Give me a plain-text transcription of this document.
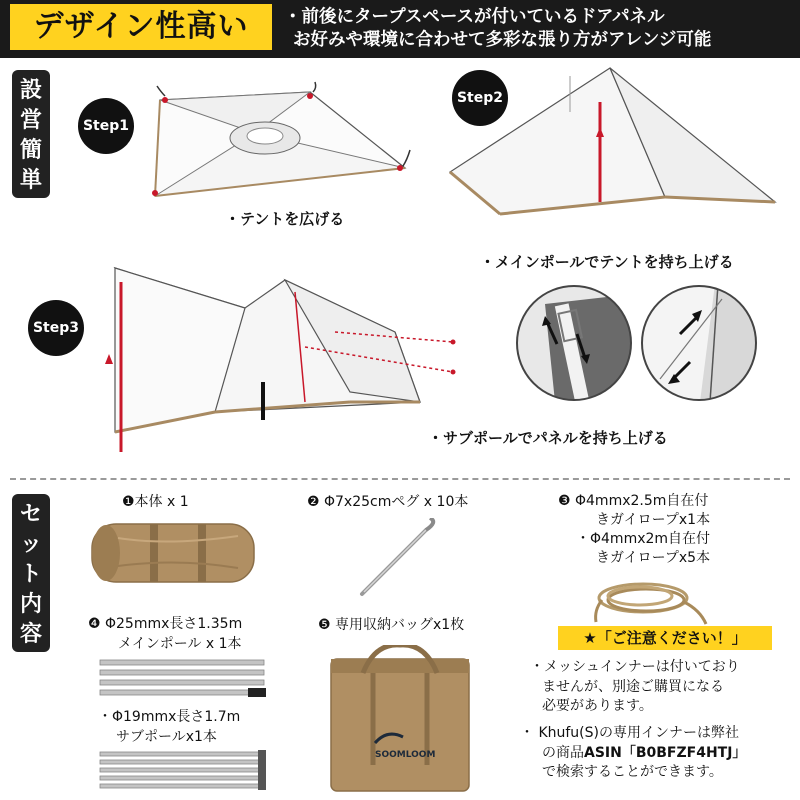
デザイン性高い	・前後にタープスペースが付いているドアパネル
お好みや環境に合わせて多彩な張り方がアレンジ可能
設
営
簡
単
Step1
・テントを広げる
Step2
・メインポールでテントを持ち上げる
Step3
・サブポールでパネルを持ち上げる
セ
ッ
ト
内
容
❶本体 x 1	❷ Φ7x25cmペグ x 10本	❸ Φ4mmx2.5m自在付
きガイロープx1本
・Φ4mmx2m自在付
きガイロープx5本
❹ Φ25mmx長さ1.35m
メインポール x 1本
・Φ19mmx長さ1.7m
サブポールx1本
❺ 専用収納バッグx1枚
SOOMLOOM
★「ご注意ください！」
・メッシュインナーは付いており
ませんが、別途ご購買になる
必要があります。
・ Khufu(S)の専用インナーは弊社
の商品ASIN「B0BFZF4HTJ」
で検索することができます。
